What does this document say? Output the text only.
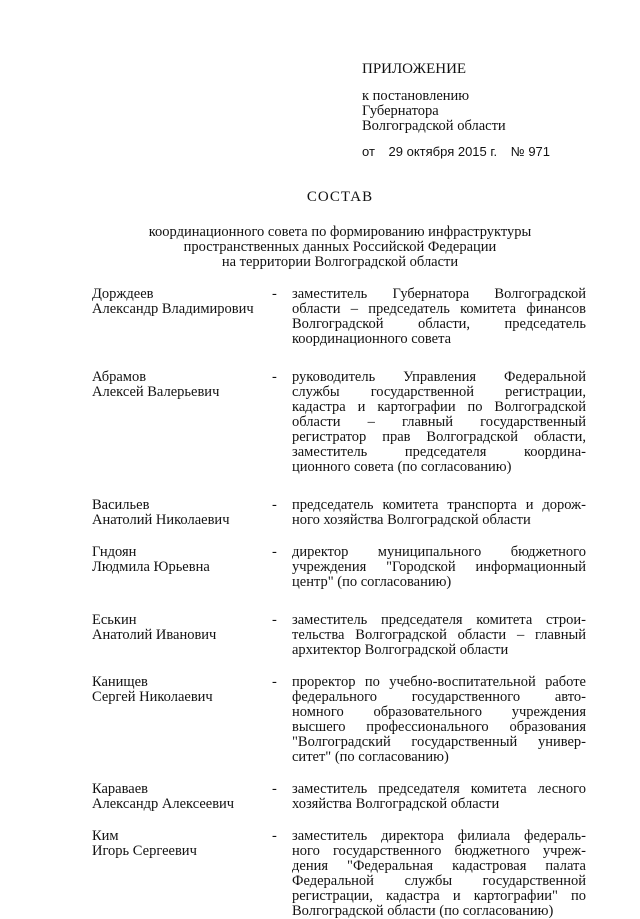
ПРИЛОЖЕНИЕ
к постановлению
Губернатора
Волгоградской области
от 29 октября 2015 г. № 971
СОСТАВ
координационного совета по формированию инфраструктуры
пространственных данных Российской Федерации
на территории Волгоградской области
Дорждеев
Александр Владимирович
-	заместитель Губернатора Волгоградской
области – председатель комитета финансов
Волгоградской области, председатель
координационного совета
Абрамов
Алексей Валерьевич
-	руководитель Управления Федеральной
службы государственной регистрации,
кадастра и картографии по Волгоградской
области – главный государственный
регистратор прав Волгоградской области,
заместитель председателя координа-
ционного совета (по согласованию)
Васильев
Анатолий Николаевич
-	председатель комитета транспорта и дорож-
ного хозяйства Волгоградской области
Гндоян
Людмила Юрьевна
-	директор муниципального бюджетного
учреждения "Городской информационный
центр" (по согласованию)
Еськин
Анатолий Иванович
-	заместитель председателя комитета строи-
тельства Волгоградской области – главный
архитектор Волгоградской области
Канищев
Сергей Николаевич
-	проректор по учебно-воспитательной работе
федерального государственного авто-
номного образовательного учреждения
высшего профессионального образования
"Волгоградский государственный универ-
ситет" (по согласованию)
Караваев
Александр Алексеевич
-	заместитель председателя комитета лесного
хозяйства Волгоградской области
Ким
Игорь Сергеевич
-	заместитель директора филиала федераль-
ного государственного бюджетного учреж-
дения "Федеральная кадастровая палата
Федеральной службы государственной
регистрации, кадастра и картографии" по
Волгоградской области (по согласованию)
